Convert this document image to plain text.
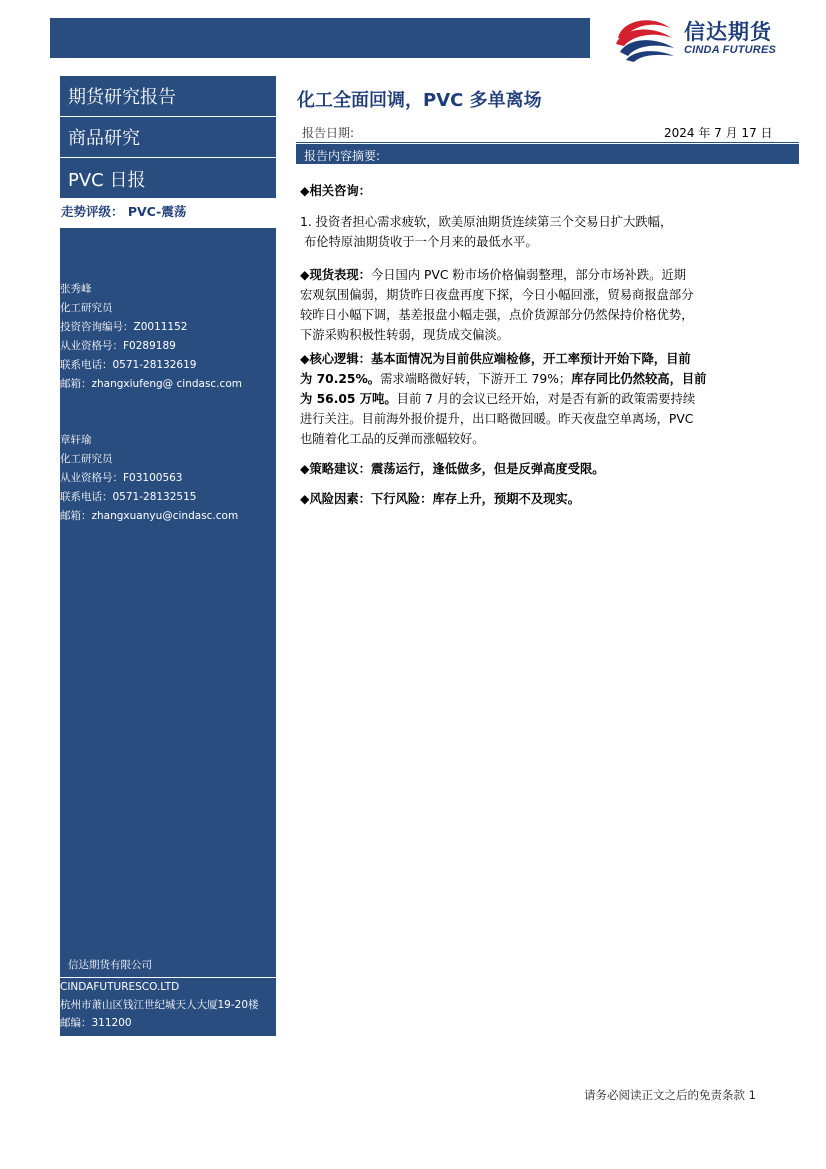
信达期货
CINDA FUTURES
期货研究报告
商品研究
PVC 日报
走势评级： PVC-震荡
张秀峰
化工研究员
投资咨询编号：Z0011152
从业资格号：F0289189
联系电话：0571-28132619
邮箱：zhangxiufeng@ cindasc.com
章轩瑜
化工研究员
从业资格号：F03100563
联系电话：0571-28132515
邮箱：zhangxuanyu@cindasc.com
信达期货有限公司
CINDAFUTURESCO.LTD
杭州市萧山区钱江世纪城天人大厦19-20楼
邮编：311200
化工全面回调，PVC 多单离场
报告日期:	2024 年 7 月 17 日
报告内容摘要:

◆相关咨询：

1. 投资者担心需求疲软，欧美原油期货连续第三个交易日扩大跌幅，

布伦特原油期货收于一个月来的最低水平。

◆现货表现：今日国内 PVC 粉市场价格偏弱整理，部分市场补跌。近期

宏观氛围偏弱，期货昨日夜盘再度下探，今日小幅回涨，贸易商报盘部分

较昨日小幅下调，基差报盘小幅走强，点价货源部分仍然保持价格优势，

下游采购积极性转弱，现货成交偏淡。

◆核心逻辑：基本面情况为目前供应端检修，开工率预计开始下降，目前

为 70.25%。需求端略微好转，下游开工 79%；库存同比仍然较高，目前

为 56.05 万吨。目前 7 月的会议已经开始，对是否有新的政策需要持续

进行关注。目前海外报价提升，出口略微回暖。昨天夜盘空单离场，PVC

也随着化工品的反弹而涨幅较好。

◆策略建议：震荡运行，逢低做多，但是反弹高度受限。

◆风险因素：下行风险：库存上升，预期不及现实。

请务必阅读正文之后的免责条款 1
